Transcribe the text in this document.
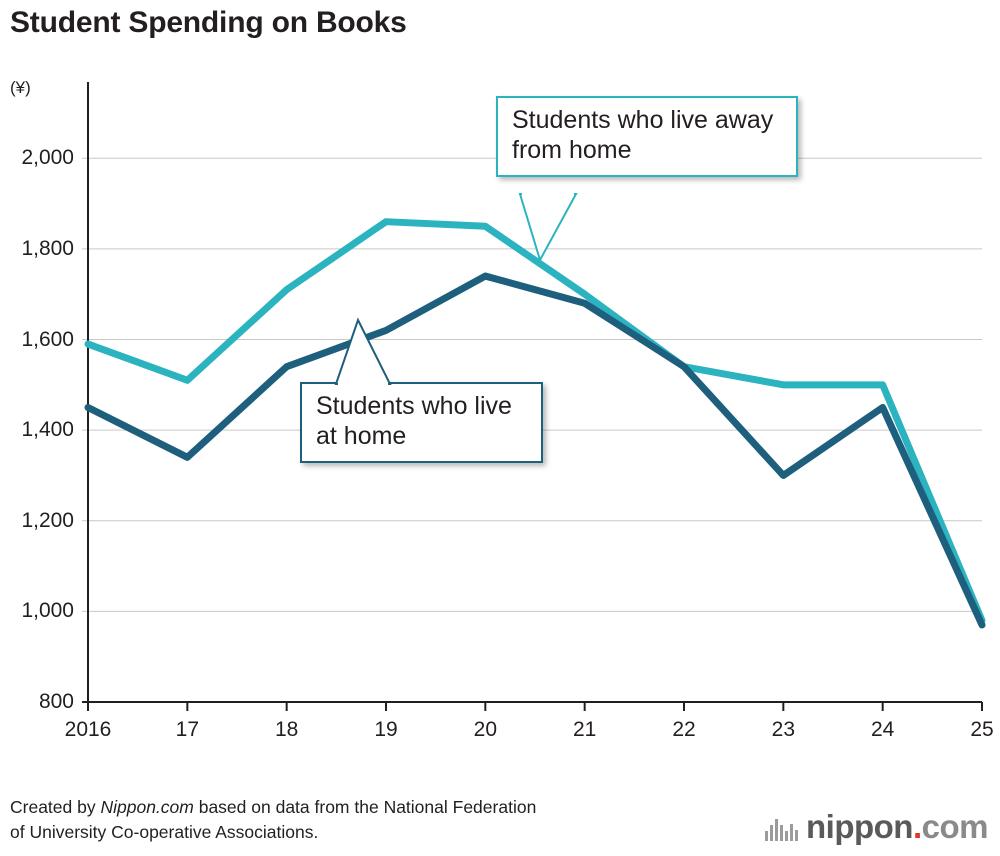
Student Spending on Books
(¥)
800
1,000
1,200
1,400
1,600
1,800
2,000
2016	17	18	19	20	21	22	23	24	25
Students who live away from home
Students who live at home
Created by Nippon.com based on data from the National Federation
of University Co-operative Associations.	nippon.com
